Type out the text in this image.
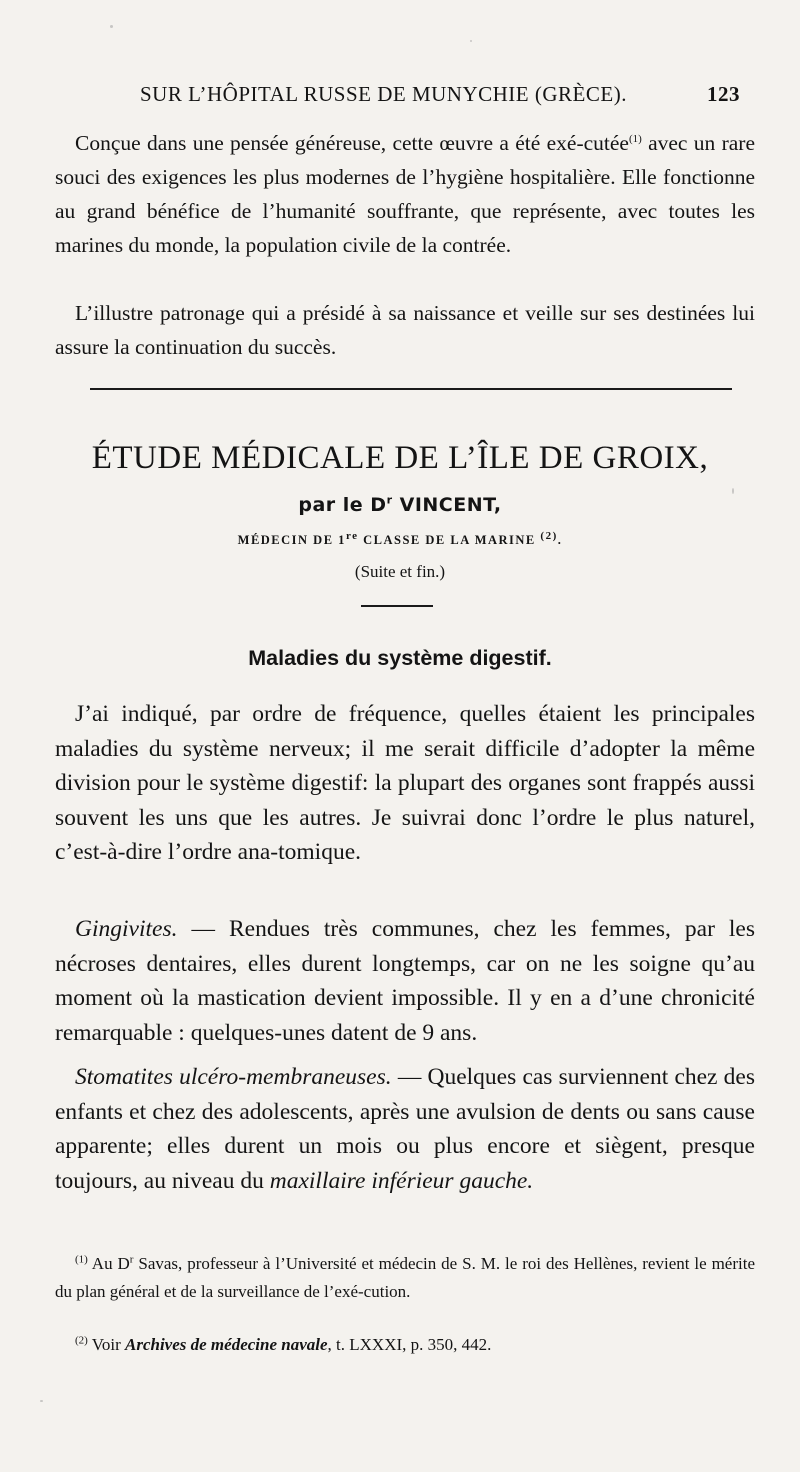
SUR L’HÔPITAL RUSSE DE MUNYCHIE (GRÈCE).	123

Conçue dans une pensée généreuse, cette œuvre a été exé-cutée$^{(1)}$ avec un rare souci des exigences les plus modernes de l’hygiène hospitalière. Elle fonctionne au grand bénéfice de l’humanité souffrante, que représente, avec toutes les marines du monde, la population civile de la contrée.

L’illustre patronage qui a présidé à sa naissance et veille sur ses destinées lui assure la continuation du succès.

ÉTUDE MÉDICALE DE L’ÎLE DE GROIX,
par le $D^r$ VINCENT,
MÉDECIN DE 1re CLASSE DE LA MARINE $^{(2)}$.
(Suite et fin.)
Maladies du système digestif.

J’ai indiqué, par ordre de fréquence, quelles étaient les principales maladies du système nerveux; il me serait difficile d’adopter la même division pour le système digestif: la plupart des organes sont frappés aussi souvent les uns que les autres. Je suivrai donc l’ordre le plus naturel, c’est-à-dire l’ordre ana-tomique.

Gingivites. — Rendues très communes, chez les femmes, par les nécroses dentaires, elles durent longtemps, car on ne les soigne qu’au moment où la mastication devient impossible. Il y en a d’une chronicité remarquable : quelques-unes datent de 9 ans.

Stomatites ulcéro-membraneuses. — Quelques cas surviennent chez des enfants et chez des adolescents, après une avulsion de dents ou sans cause apparente; elles durent un mois ou plus encore et siègent, presque toujours, au niveau du maxillaire inférieur gauche.

$^{(1)}$ Au $D^r$ Savas, professeur à l’Université et médecin de S. M. le roi des Hellènes, revient le mérite du plan général et de la surveillance de l’exé-cution.

$^{(2)}$ Voir Archives de médecine navale, t. LXXXI, p. 350, 442.
